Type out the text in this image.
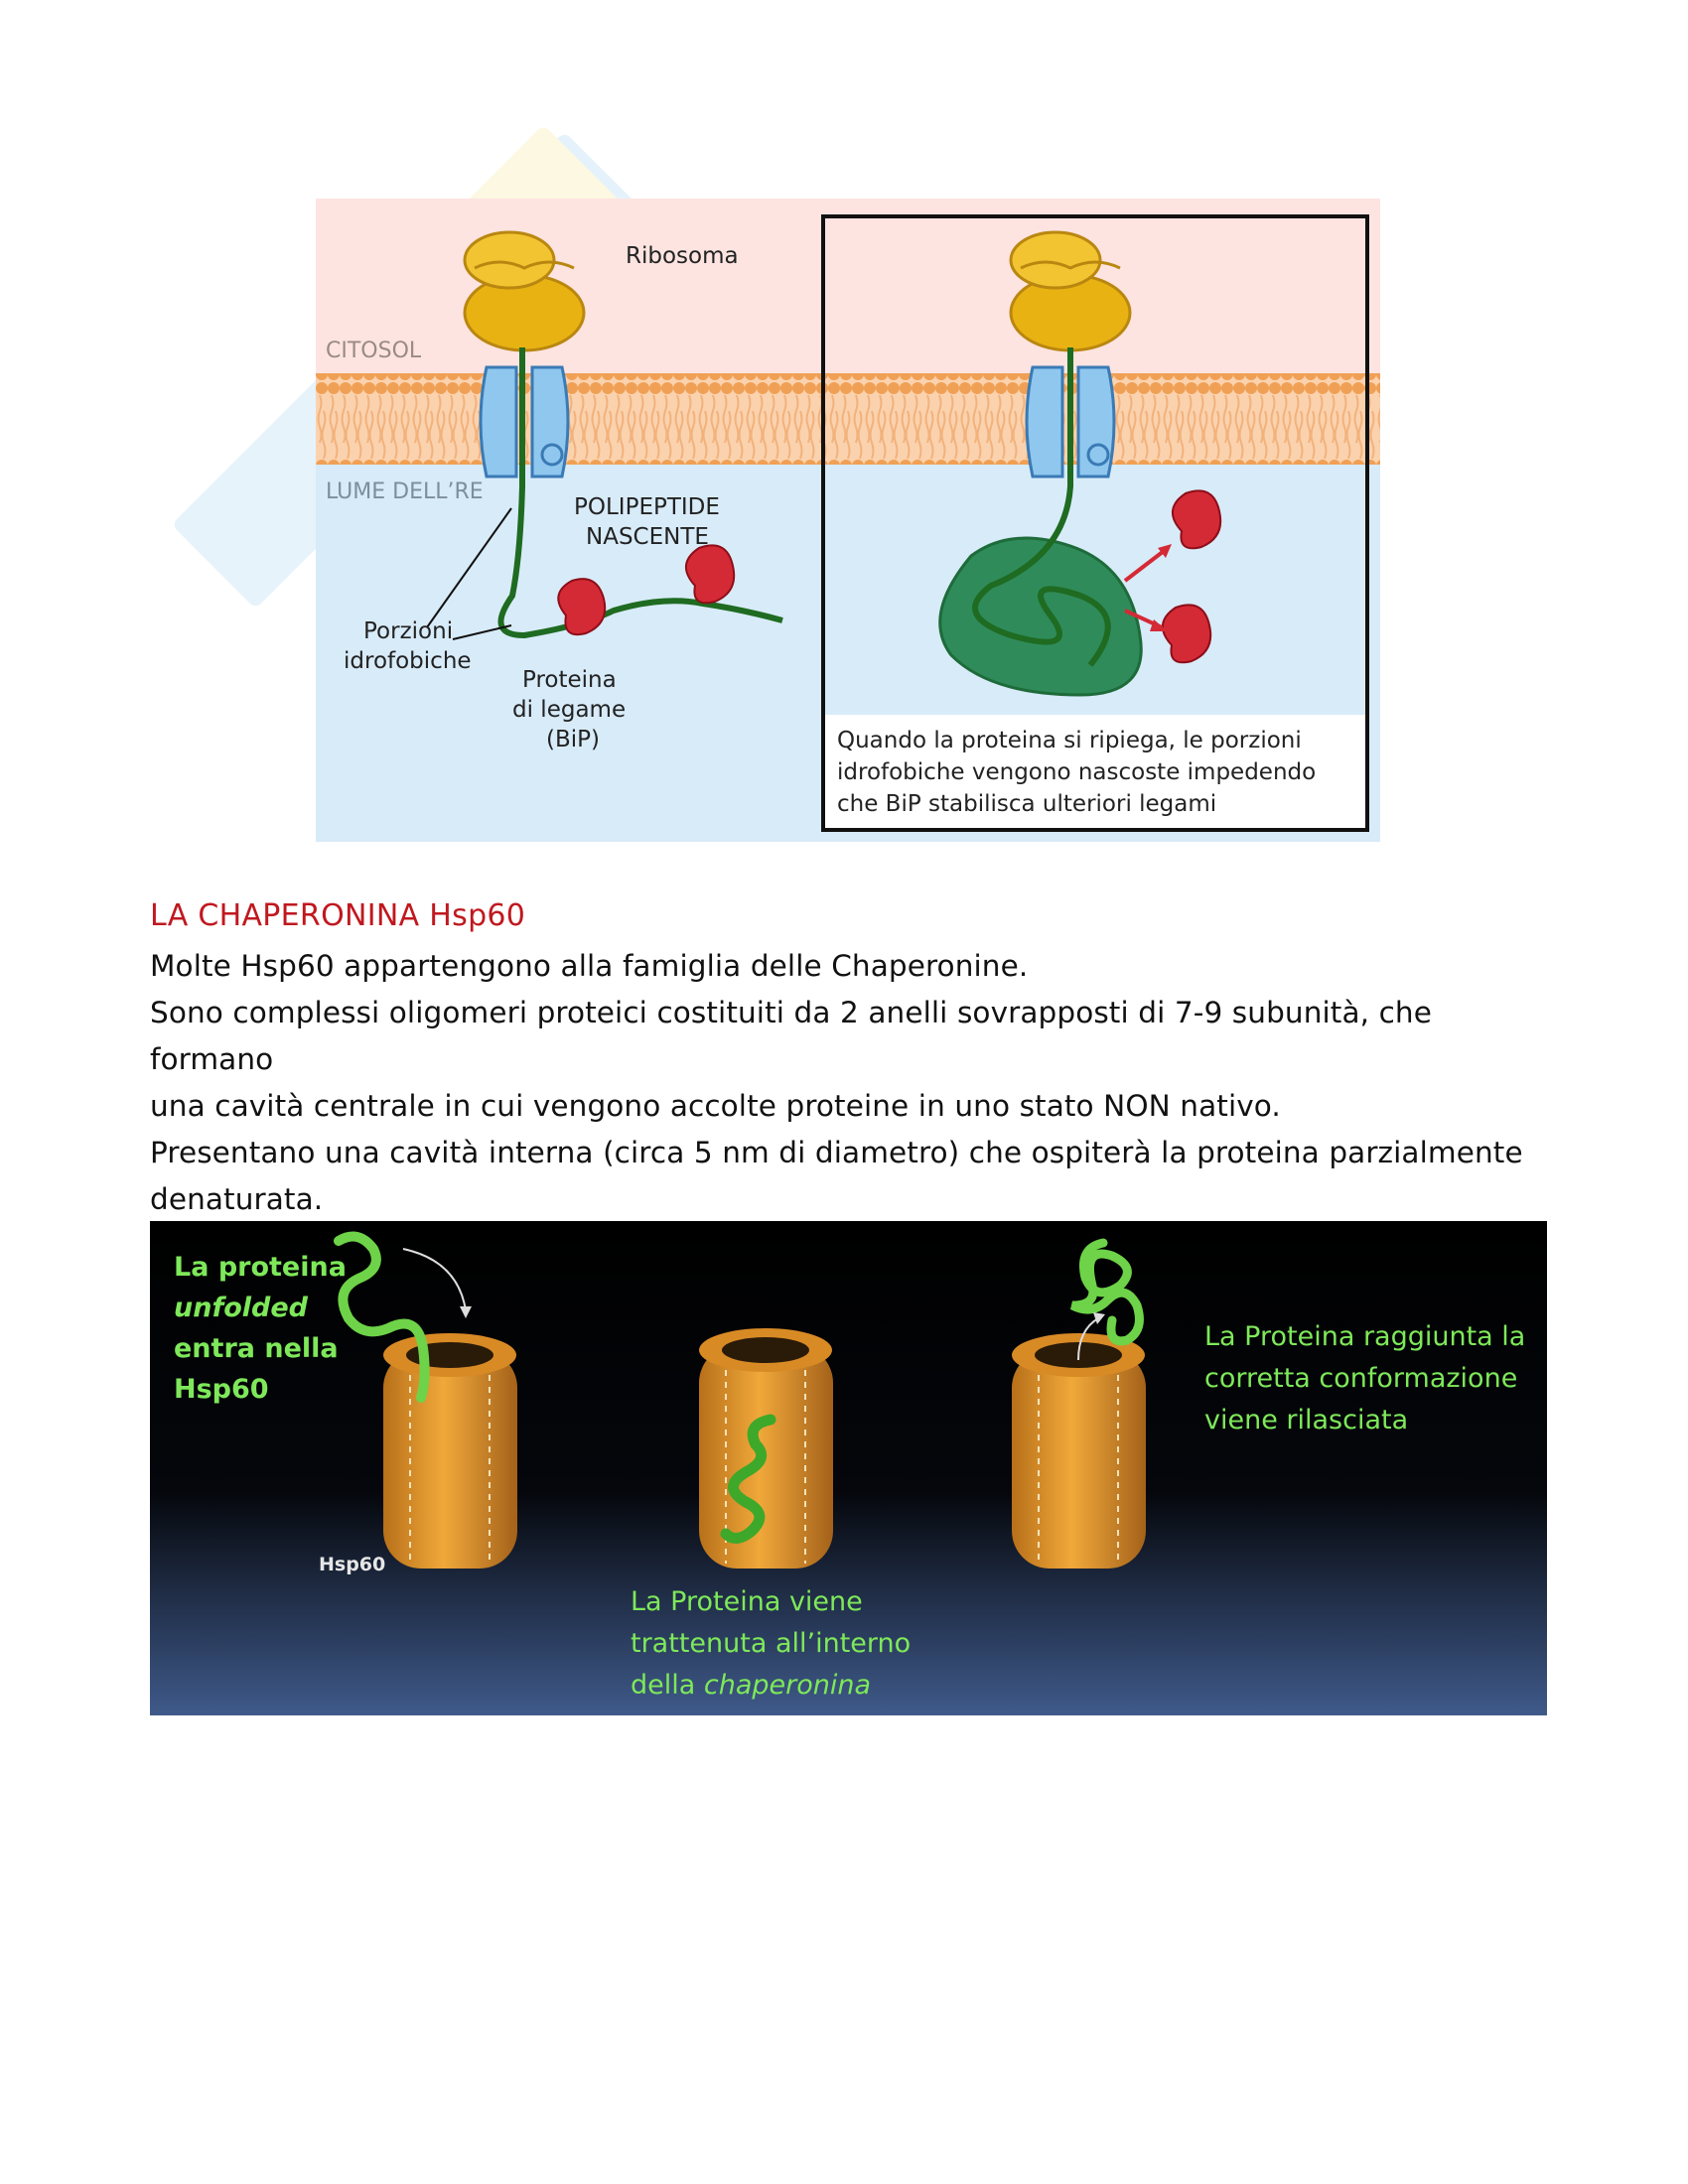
Ribosoma
CITOSOL
LUME DELL’RE
POLIPEPTIDE NASCENTE
Porzioni idrofobiche
Proteina di legame (BiP)	Quando la proteina si ripiega, le porzioni idrofobiche vengono nascoste impedendo che BiP stabilisca ulteriori legami
LA CHAPERONINA Hsp60

Molte Hsp60 appartengono alla famiglia delle Chaperonine.

Sono complessi oligomeri proteici costituiti da 2 anelli sovrapposti di 7-9 subunità, che formano

una cavità centrale in cui vengono accolte proteine in uno stato NON nativo.

Presentano una cavità interna (circa 5 nm di diametro) che ospiterà la proteina parzialmente

denaturata.

La proteina unfolded entra nella Hsp60
Hsp60
La Proteina viene trattenuta all’interno della chaperonina
La Proteina raggiunta la corretta conformazione viene rilasciata
